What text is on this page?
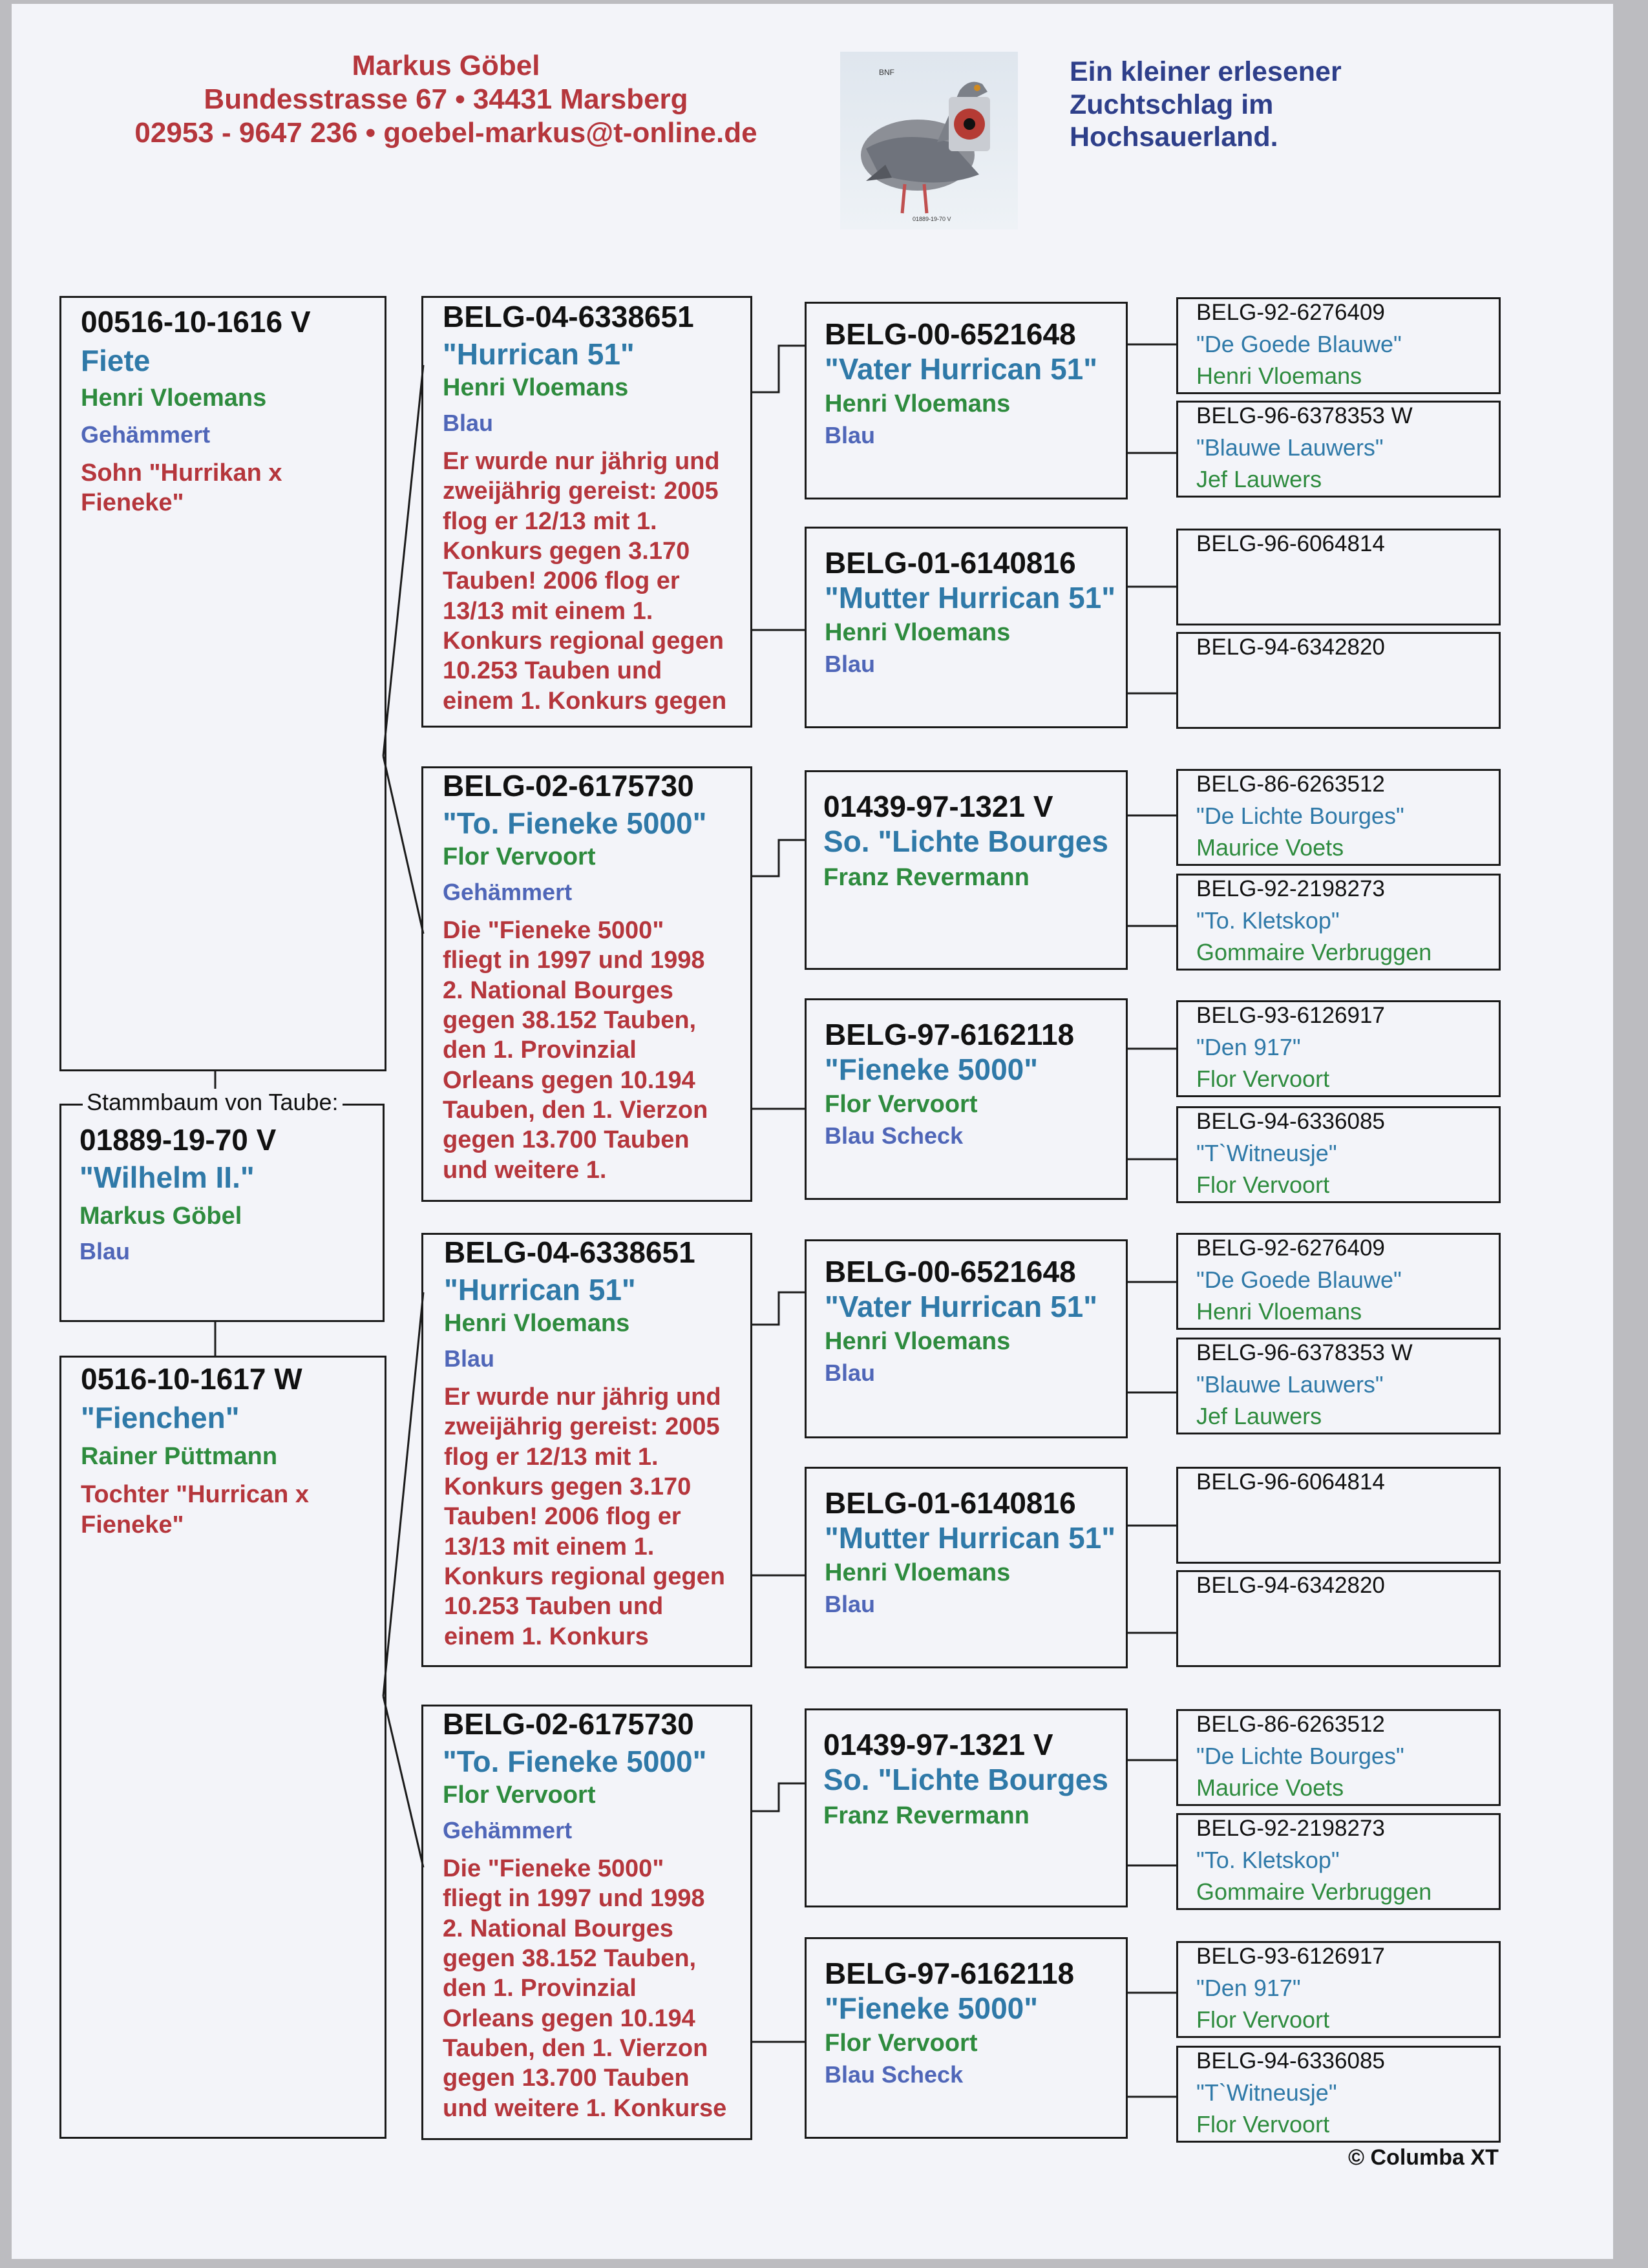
Markus Göbel
Bundesstrasse 67 • 34431 Marsberg
02953 - 9647 236 • goebel-markus@t-online.de
BNF
01889-19-70 V
Ein kleiner erlesener
Zuchtschlag im
Hochsauerland.
00516-10-1616 V
Fiete
Henri Vloemans
Gehämmert
Sohn "Hurrikan x
Fieneke"
01889-19-70 V
"Wilhelm II."
Markus Göbel
Blau
Stammbaum von Taube:
0516-10-1617 W
"Fienchen"
Rainer Püttmann
Tochter "Hurrican x
Fieneke"
BELG-04-6338651
"Hurrican 51"
Henri Vloemans
Blau
Er wurde nur jährig und
zweijährig gereist: 2005
flog er 12/13 mit 1.
Konkurs gegen 3.170
Tauben! 2006 flog er
13/13 mit einem 1.
Konkurs regional gegen
10.253 Tauben und
einem 1. Konkurs gegen
BELG-02-6175730
"To. Fieneke 5000"
Flor Vervoort
Gehämmert
Die "Fieneke 5000"
fliegt in 1997 und 1998
2. National Bourges
gegen 38.152 Tauben,
den 1. Provinzial
Orleans gegen 10.194
Tauben, den 1. Vierzon
gegen 13.700 Tauben
und weitere 1.
BELG-04-6338651
"Hurrican 51"
Henri Vloemans
Blau
Er wurde nur jährig und
zweijährig gereist: 2005
flog er 12/13 mit 1.
Konkurs gegen 3.170
Tauben! 2006 flog er
13/13 mit einem 1.
Konkurs regional gegen
10.253 Tauben und
einem 1. Konkurs
BELG-02-6175730
"To. Fieneke 5000"
Flor Vervoort
Gehämmert
Die "Fieneke 5000"
fliegt in 1997 und 1998
2. National Bourges
gegen 38.152 Tauben,
den 1. Provinzial
Orleans gegen 10.194
Tauben, den 1. Vierzon
gegen 13.700 Tauben
und weitere 1. Konkurse
BELG-00-6521648
"Vater Hurrican 51"
Henri Vloemans
Blau
BELG-01-6140816
"Mutter Hurrican 51"
Henri Vloemans
Blau
01439-97-1321 V
So. "Lichte Bourges
Franz Revermann
BELG-97-6162118
"Fieneke 5000"
Flor Vervoort
Blau Scheck
BELG-00-6521648
"Vater Hurrican 51"
Henri Vloemans
Blau
BELG-01-6140816
"Mutter Hurrican 51"
Henri Vloemans
Blau
01439-97-1321 V
So. "Lichte Bourges
Franz Revermann
BELG-97-6162118
"Fieneke 5000"
Flor Vervoort
Blau Scheck
BELG-92-6276409
"De Goede Blauwe"
Henri Vloemans
BELG-96-6378353 W
"Blauwe Lauwers"
Jef Lauwers
BELG-96-6064814
BELG-94-6342820
BELG-86-6263512
"De Lichte Bourges"
Maurice Voets
BELG-92-2198273
"To. Kletskop"
Gommaire Verbruggen
BELG-93-6126917
"Den 917"
Flor Vervoort
BELG-94-6336085
"T`Witneusje"
Flor Vervoort
BELG-92-6276409
"De Goede Blauwe"
Henri Vloemans
BELG-96-6378353 W
"Blauwe Lauwers"
Jef Lauwers
BELG-96-6064814
BELG-94-6342820
BELG-86-6263512
"De Lichte Bourges"
Maurice Voets
BELG-92-2198273
"To. Kletskop"
Gommaire Verbruggen
BELG-93-6126917
"Den 917"
Flor Vervoort
BELG-94-6336085
"T`Witneusje"
Flor Vervoort
© Columba XT
